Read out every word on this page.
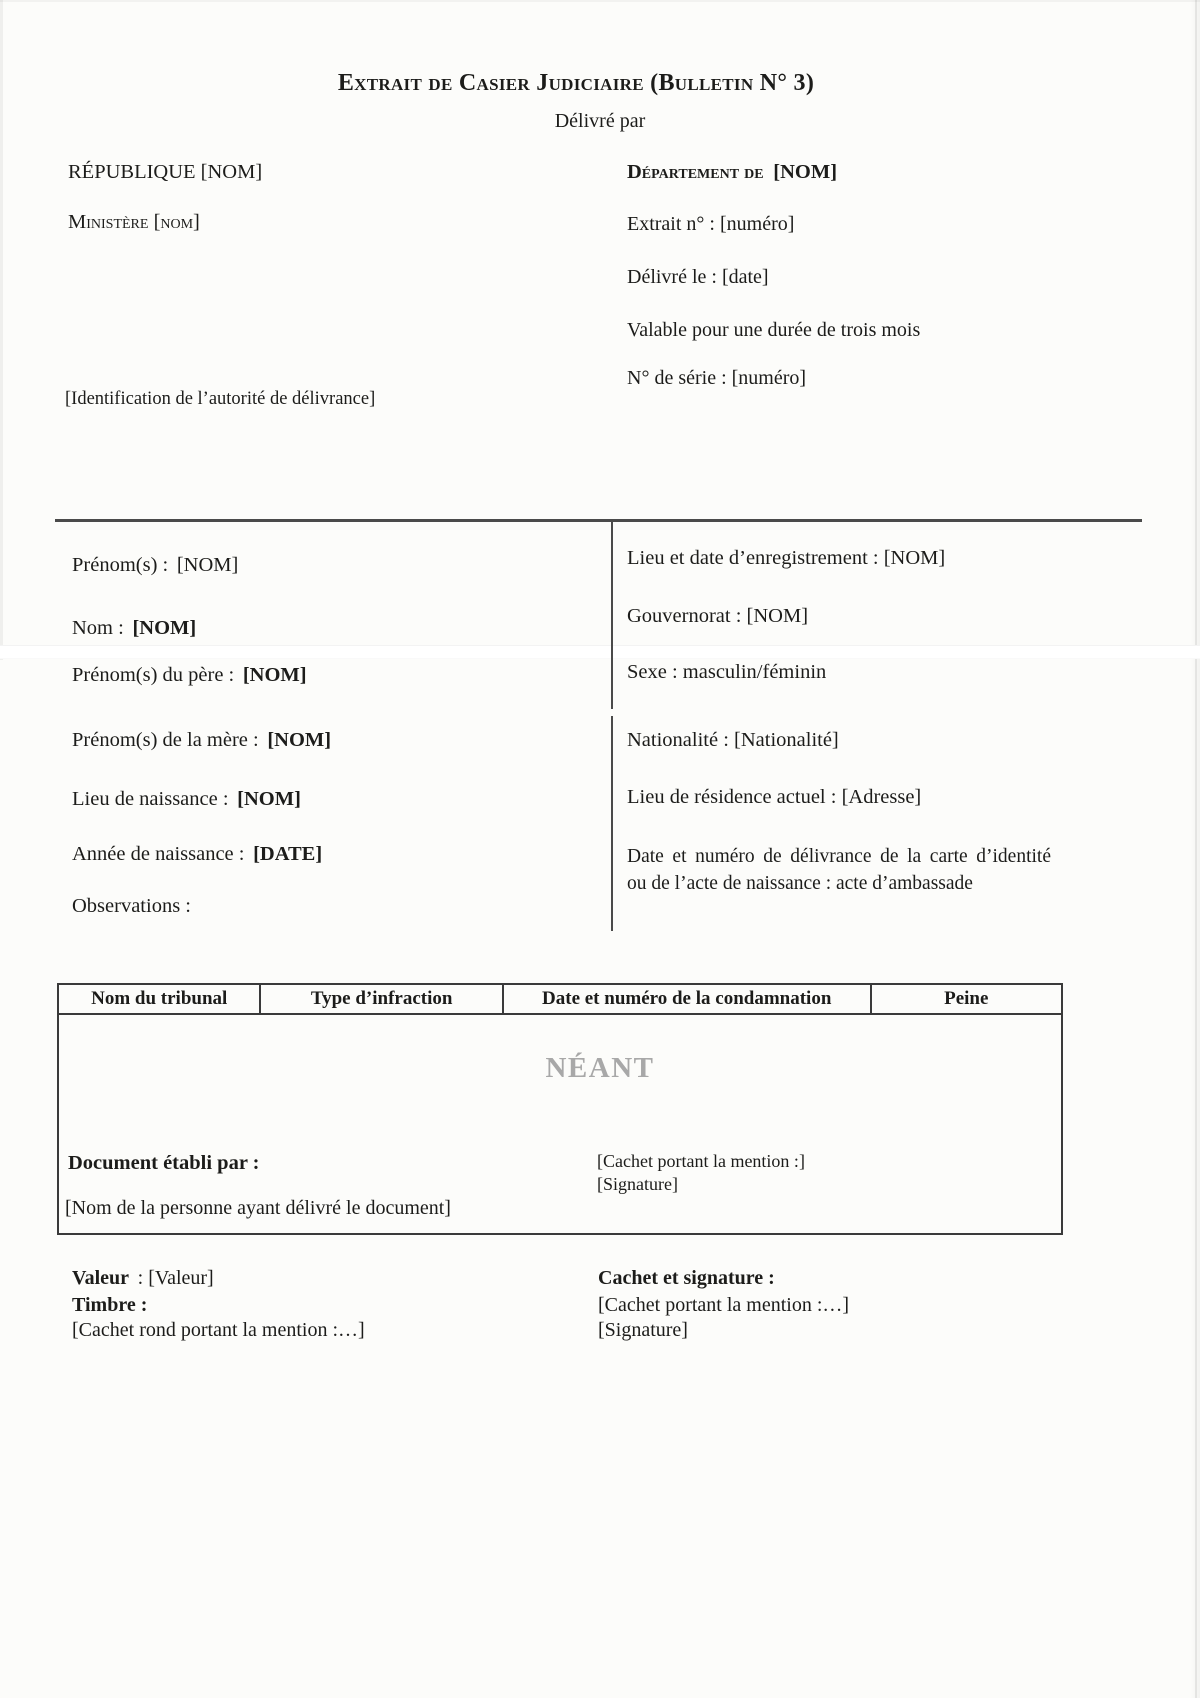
Extrait de Casier Judiciaire (Bulletin N° 3)
Délivré par
RÉPUBLIQUE [NOM]
Ministère [nom]
[Identification de l’autorité de délivrance]
Département de [NOM]
Extrait n° : [numéro]
Délivré le : [date]
Valable pour une durée de trois mois
N° de série : [numéro]
Prénom(s) : [NOM]
Nom : [NOM]
Prénom(s) du père : [NOM]
Prénom(s) de la mère : [NOM]
Lieu de naissance : [NOM]
Année de naissance : [DATE]
Observations :
Lieu et date d’enregistrement : [NOM]
Gouvernorat : [NOM]
Sexe : masculin/féminin
Nationalité : [Nationalité]
Lieu de résidence actuel : [Adresse]
Date et numéro de délivrance de la carte d’identité
ou de l’acte de naissance : acte d’ambassade
Nom du tribunal	Type d’infraction	Date et numéro de la condamnation	Peine
NÉANT
Document établi par :
[Nom de la personne ayant délivré le document]
[Cachet portant la mention :]
[Signature]
Valeur : [Valeur]
Timbre :
[Cachet rond portant la mention :…]
Cachet et signature :
[Cachet portant la mention :…]
[Signature]
